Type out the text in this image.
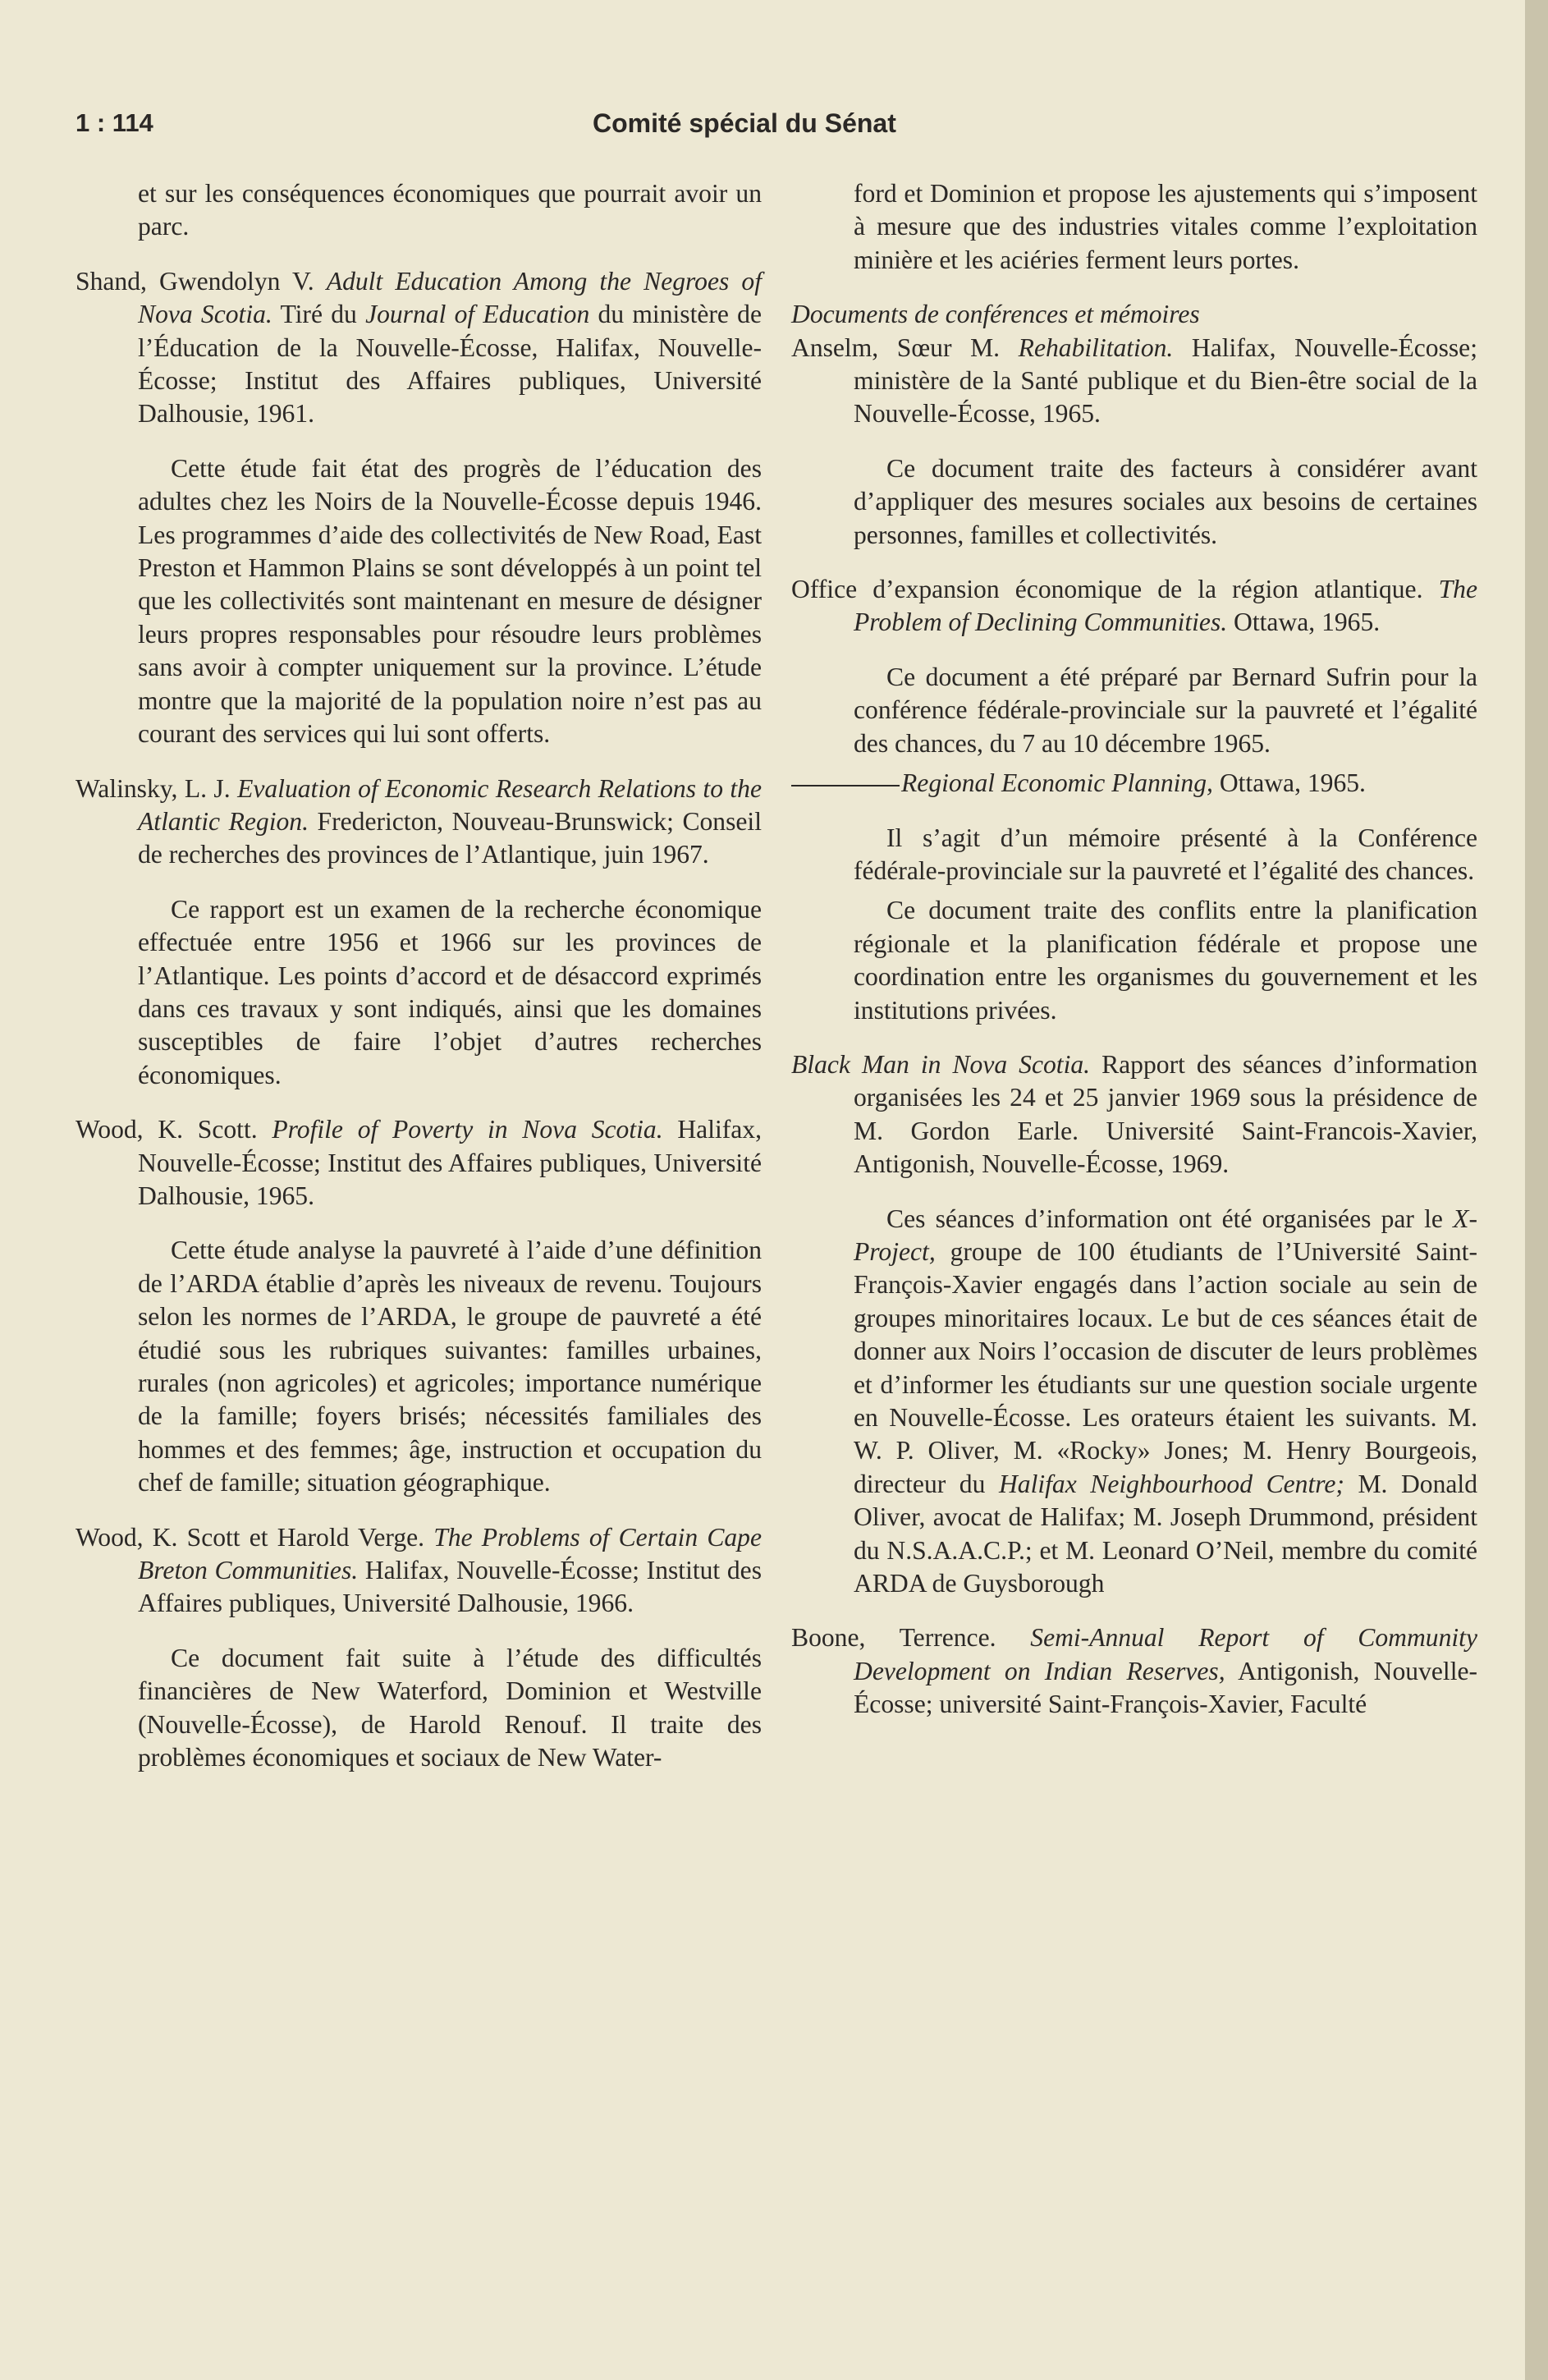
1 : 114	Comité spécial du Sénat

et sur les conséquences économiques que pourrait avoir un parc.

Shand, Gwendolyn V. Adult Education Among the Negroes of Nova Scotia. Tiré du Journal of Education du ministère de l’Éducation de la Nouvelle-Écosse, Halifax, Nouvelle-Écosse; Institut des Affaires publiques, Université Dalhousie, 1961.

Cette étude fait état des progrès de l’éducation des adultes chez les Noirs de la Nouvelle-Écosse depuis 1946. Les programmes d’aide des collectivités de New Road, East Preston et Hammon Plains se sont développés à un point tel que les collectivités sont maintenant en mesure de désigner leurs propres responsables pour résoudre leurs problèmes sans avoir à compter uniquement sur la province. L’étude montre que la majorité de la population noire n’est pas au courant des services qui lui sont offerts.

Walinsky, L. J. Evaluation of Economic Research Relations to the Atlantic Region. Fredericton, Nouveau-Brunswick; Conseil de recherches des provinces de l’Atlantique, juin 1967.

Ce rapport est un examen de la recherche économique effectuée entre 1956 et 1966 sur les provinces de l’Atlantique. Les points d’accord et de désaccord exprimés dans ces travaux y sont indiqués, ainsi que les domaines susceptibles de faire l’objet d’autres recherches économiques.

Wood, K. Scott. Profile of Poverty in Nova Scotia. Halifax, Nouvelle-Écosse; Institut des Affaires publiques, Université Dalhousie, 1965.

Cette étude analyse la pauvreté à l’aide d’une définition de l’ARDA établie d’après les niveaux de revenu. Toujours selon les normes de l’ARDA, le groupe de pauvreté a été étudié sous les rubriques suivantes: familles urbaines, rurales (non agricoles) et agricoles; importance numérique de la famille; foyers brisés; nécessités familiales des hommes et des femmes; âge, instruction et occupation du chef de famille; situation géographique.

Wood, K. Scott et Harold Verge. The Problems of Certain Cape Breton Communities. Halifax, Nouvelle-Écosse; Institut des Affaires publiques, Université Dalhousie, 1966.

Ce document fait suite à l’étude des difficultés financières de New Waterford, Dominion et Westville (Nouvelle-Écosse), de Harold Renouf. Il traite des problèmes économiques et sociaux de New Water-

ford et Dominion et propose les ajustements qui s’imposent à mesure que des industries vitales comme l’exploitation minière et les aciéries ferment leurs portes.

Documents de conférences et mémoires

Anselm, Sœur M. Rehabilitation. Halifax, Nouvelle-Écosse; ministère de la Santé publique et du Bien-être social de la Nouvelle-Écosse, 1965.

Ce document traite des facteurs à considérer avant d’appliquer des mesures sociales aux besoins de certaines personnes, familles et collectivités.

Office d’expansion économique de la région atlantique. The Problem of Declining Communities. Ottawa, 1965.

Ce document a été préparé par Bernard Sufrin pour la conférence fédérale-provinciale sur la pauvreté et l’égalité des chances, du 7 au 10 décembre 1965.

Regional Economic Planning, Ottawa, 1965.

Il s’agit d’un mémoire présenté à la Conférence fédérale-provinciale sur la pauvreté et l’égalité des chances.

Ce document traite des conflits entre la planification régionale et la planification fédérale et propose une coordination entre les organismes du gouvernement et les institutions privées.

Black Man in Nova Scotia. Rapport des séances d’information organisées les 24 et 25 janvier 1969 sous la présidence de M. Gordon Earle. Université Saint-Francois-Xavier, Antigonish, Nouvelle-Écosse, 1969.

Ces séances d’information ont été organisées par le X-Project, groupe de 100 étudiants de l’Université Saint-François-Xavier engagés dans l’action sociale au sein de groupes minoritaires locaux. Le but de ces séances était de donner aux Noirs l’occasion de discuter de leurs problèmes et d’informer les étudiants sur une question sociale urgente en Nouvelle-Écosse. Les orateurs étaient les suivants. M. W. P. Oliver, M. «Rocky» Jones; M. Henry Bourgeois, directeur du Halifax Neighbourhood Centre; M. Donald Oliver, avocat de Halifax; M. Joseph Drummond, président du N.S.A.A.C.P.; et M. Leonard O’Neil, membre du comité ARDA de Guysborough

Boone, Terrence. Semi-Annual Report of Community Development on Indian Reserves, Antigonish, Nouvelle-Écosse; université Saint-François-Xavier, Faculté
